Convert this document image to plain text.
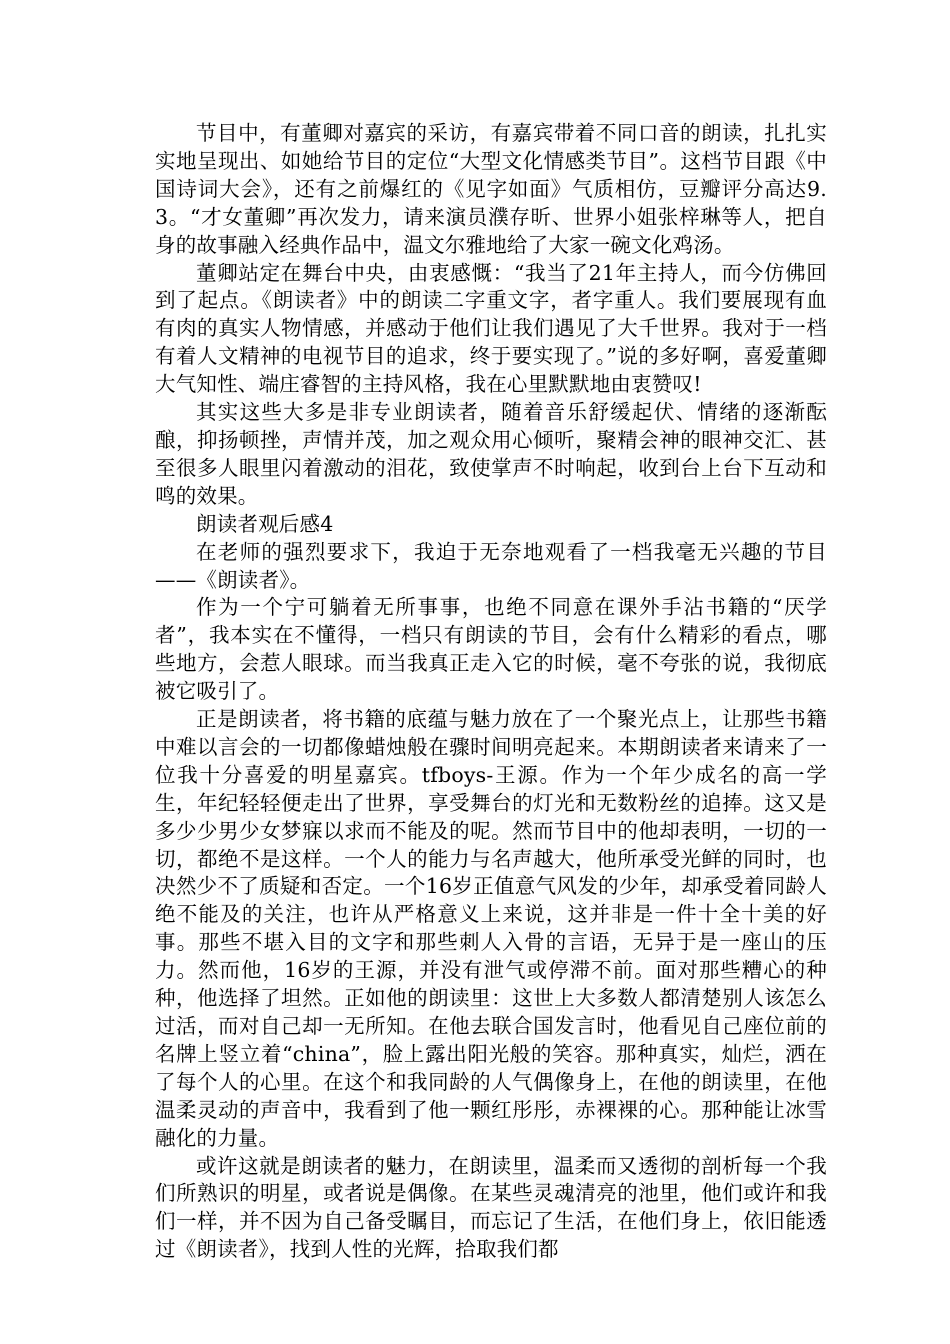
节目中，有董卿对嘉宾的采访，有嘉宾带着不同口音的朗读，扎扎实实地呈现出、如她给节目的定位“大型文化情感类节目”。这档节目跟《中国诗词大会》，还有之前爆红的《见字如面》气质相仿，豆瓣评分高达9.3。“才女董卿”再次发力，请来演员濮存昕、世界小姐张梓琳等人，把自身的故事融入经典作品中，温文尔雅地给了大家一碗文化鸡汤。

董卿站定在舞台中央，由衷感慨：“我当了21年主持人，而今仿佛回到了起点。《朗读者》中的朗读二字重文字，者字重人。我们要展现有血有肉的真实人物情感，并感动于他们让我们遇见了大千世界。我对于一档有着人文精神的电视节目的追求，终于要实现了。”说的多好啊，喜爱董卿大气知性、端庄睿智的主持风格，我在心里默默地由衷赞叹!

其实这些大多是非专业朗读者，随着音乐舒缓起伏、情绪的逐渐酝酿，抑扬顿挫，声情并茂，加之观众用心倾听，聚精会神的眼神交汇、甚至很多人眼里闪着激动的泪花，致使掌声不时响起，收到台上台下互动和鸣的效果。

朗读者观后感4

在老师的强烈要求下，我迫于无奈地观看了一档我毫无兴趣的节目——《朗读者》。

作为一个宁可躺着无所事事，也绝不同意在课外手沾书籍的“厌学者”，我本实在不懂得，一档只有朗读的节目，会有什么精彩的看点，哪些地方，会惹人眼球。而当我真正走入它的时候，毫不夸张的说，我彻底被它吸引了。

正是朗读者，将书籍的底蕴与魅力放在了一个聚光点上，让那些书籍中难以言会的一切都像蜡烛般在骤时间明亮起来。本期朗读者来请来了一位我十分喜爱的明星嘉宾。tfboys-王源。作为一个年少成名的高一学生，年纪轻轻便走出了世界，享受舞台的灯光和无数粉丝的追捧。这又是多少少男少女梦寐以求而不能及的呢。然而节目中的他却表明，一切的一切，都绝不是这样。一个人的能力与名声越大，他所承受光鲜的同时，也决然少不了质疑和否定。一个16岁正值意气风发的少年，却承受着同龄人绝不能及的关注，也许从严格意义上来说，这并非是一件十全十美的好事。那些不堪入目的文字和那些刺人入骨的言语，无异于是一座山的压力。然而他，16岁的王源，并没有泄气或停滞不前。面对那些糟心的种种，他选择了坦然。正如他的朗读里：这世上大多数人都清楚别人该怎么过活，而对自己却一无所知。在他去联合国发言时，他看见自己座位前的名牌上竖立着“china”，脸上露出阳光般的笑容。那种真实，灿烂，洒在了每个人的心里。在这个和我同龄的人气偶像身上，在他的朗读里，在他温柔灵动的声音中，我看到了他一颗红彤彤，赤裸裸的心。那种能让冰雪融化的力量。

或许这就是朗读者的魅力，在朗读里，温柔而又透彻的剖析每一个我们所熟识的明星，或者说是偶像。在某些灵魂清亮的池里，他们或许和我们一样，并不因为自己备受瞩目，而忘记了生活，在他们身上，依旧能透过《朗读者》，找到人性的光辉，拾取我们都
